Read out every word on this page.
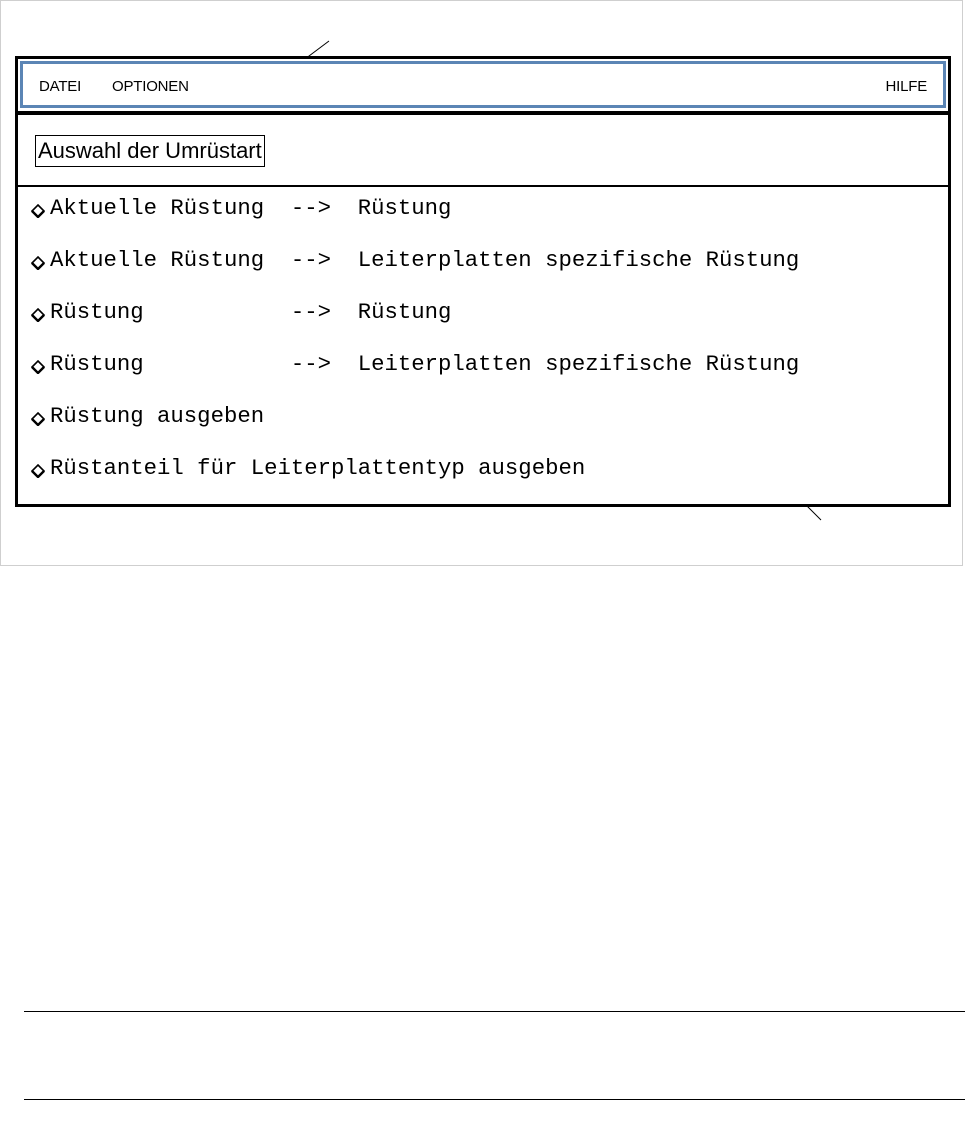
DATEI OPTIONEN	HILFE
Auswahl der Umrüstart

Aktuelle Rüstung  -->  Rüstung

Aktuelle Rüstung  -->  Leiterplatten spezifische Rüstung

Rüstung           -->  Rüstung

Rüstung           -->  Leiterplatten spezifische Rüstung

Rüstung ausgeben

Rüstanteil für Leiterplattentyp ausgeben
